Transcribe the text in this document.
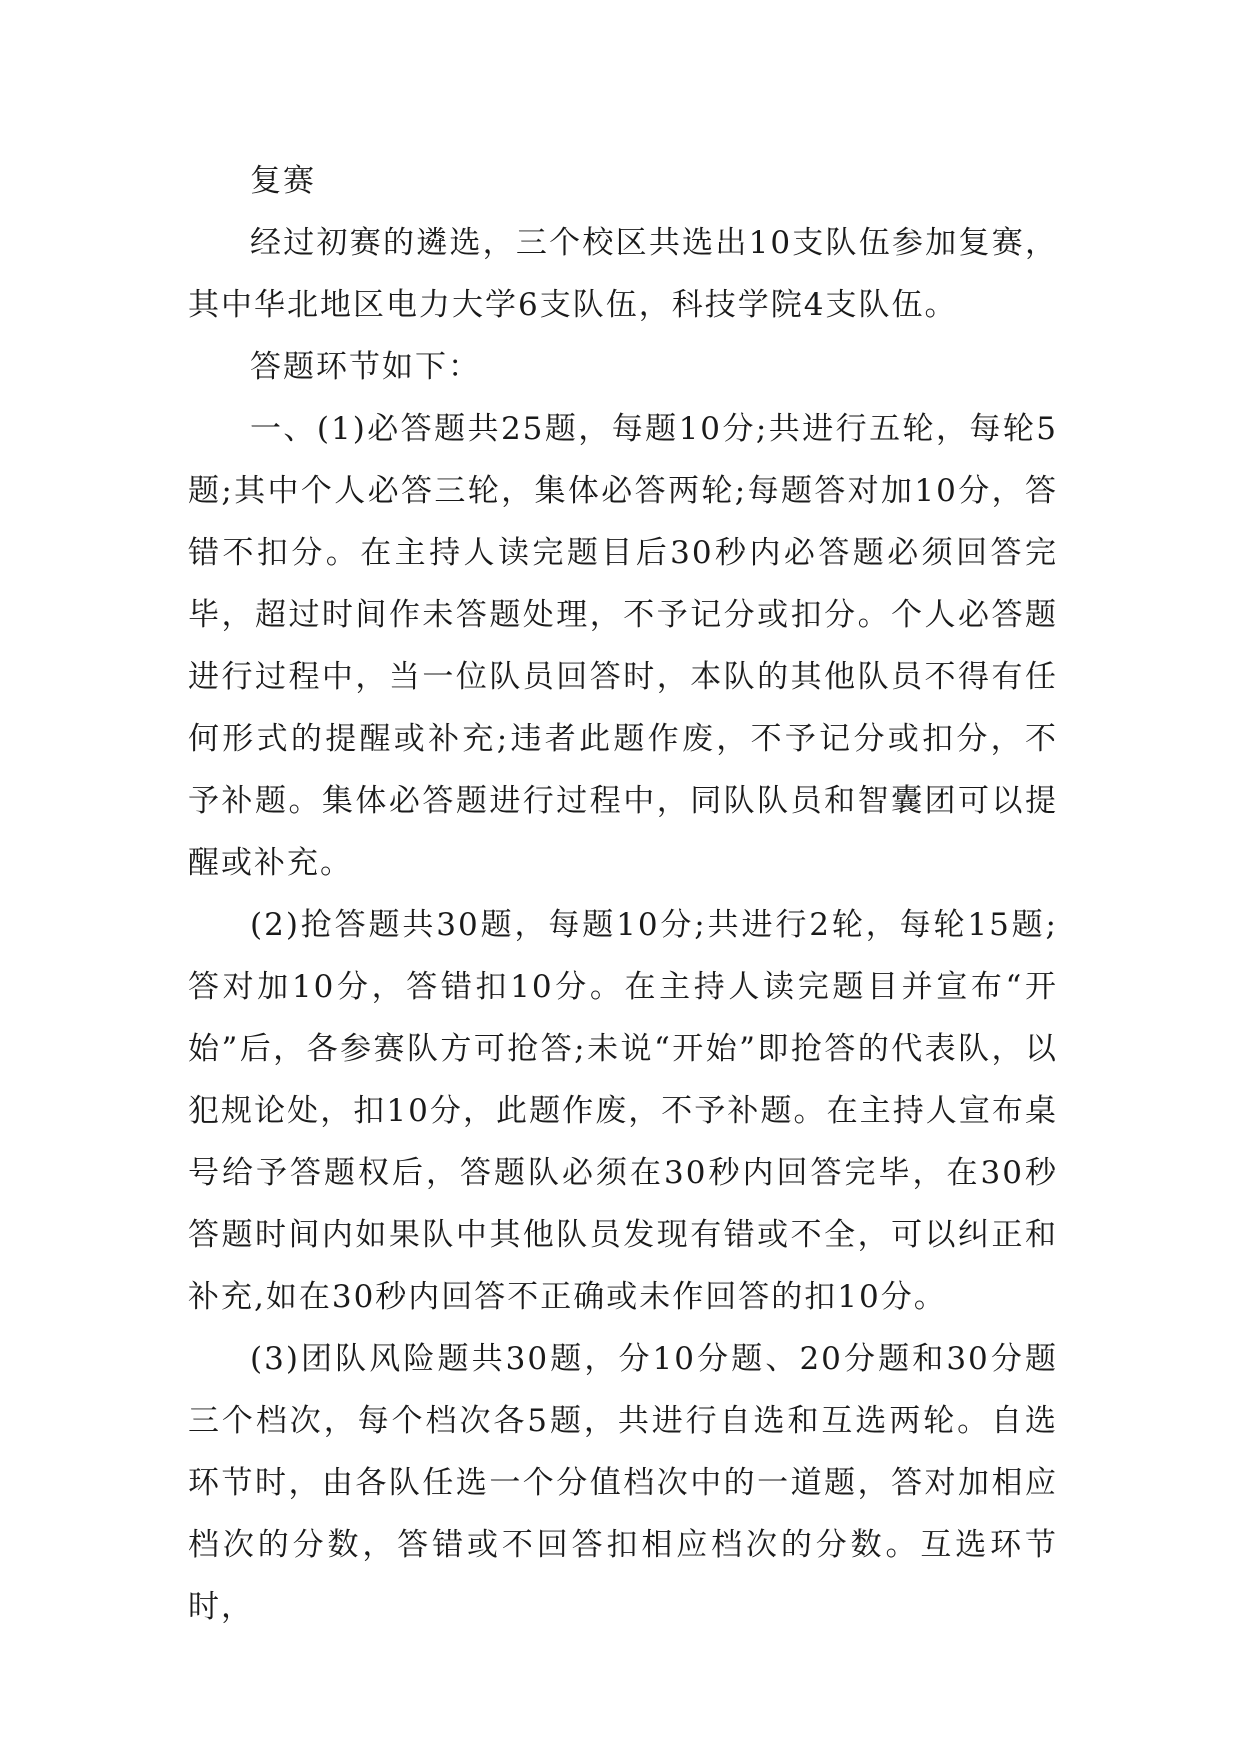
复赛

经过初赛的遴选，三个校区共选出10支队伍参加复赛，其中华北地区电力大学6支队伍，科技学院4支队伍。

答题环节如下：

一、(1)必答题共25题，每题10分;共进行五轮，每轮5题;其中个人必答三轮，集体必答两轮;每题答对加10分，答错不扣分。在主持人读完题目后30秒内必答题必须回答完毕，超过时间作未答题处理，不予记分或扣分。个人必答题进行过程中，当一位队员回答时，本队的其他队员不得有任何形式的提醒或补充;违者此题作废，不予记分或扣分，不予补题。集体必答题进行过程中，同队队员和智囊团可以提醒或补充。

(2)抢答题共30题，每题10分;共进行2轮，每轮15题;答对加10分，答错扣10分。在主持人读完题目并宣布“开始”后，各参赛队方可抢答;未说“开始”即抢答的代表队，以犯规论处，扣10分，此题作废，不予补题。在主持人宣布桌号给予答题权后，答题队必须在30秒内回答完毕，在30秒答题时间内如果队中其他队员发现有错或不全，可以纠正和补充,如在30秒内回答不正确或未作回答的扣10分。

(3)团队风险题共30题，分10分题、20分题和30分题三个档次，每个档次各5题，共进行自选和互选两轮。自选环节时，由各队任选一个分值档次中的一道题，答对加相应档次的分数，答错或不回答扣相应档次的分数。互选环节时，
